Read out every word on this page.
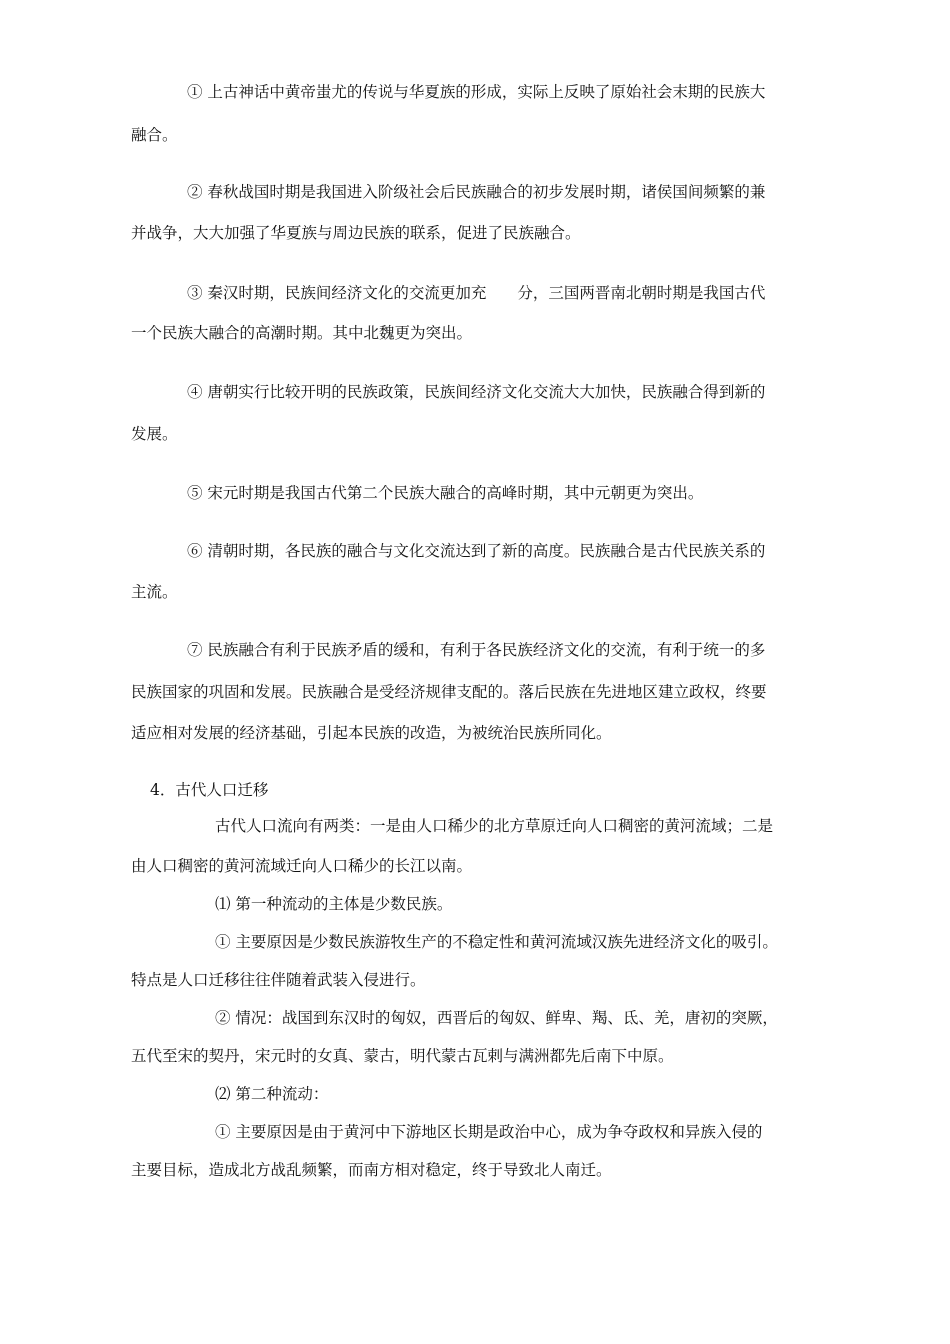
① 上古神话中黄帝蚩尤的传说与华夏族的形成，实际上反映了原始社会末期的民族大

融合。

② 春秋战国时期是我国进入阶级社会后民族融合的初步发展时期，诸侯国间频繁的兼

并战争，大大加强了华夏族与周边民族的联系，促进了民族融合。

③ 秦汉时期，民族间经济文化的交流更加充　　分，三国两晋南北朝时期是我国古代

一个民族大融合的高潮时期。其中北魏更为突出。

④ 唐朝实行比较开明的民族政策，民族间经济文化交流大大加快，民族融合得到新的

发展。

⑤ 宋元时期是我国古代第二个民族大融合的高峰时期，其中元朝更为突出。

⑥ 清朝时期，各民族的融合与文化交流达到了新的高度。民族融合是古代民族关系的

主流。

⑦ 民族融合有利于民族矛盾的缓和，有利于各民族经济文化的交流，有利于统一的多

民族国家的巩固和发展。民族融合是受经济规律支配的。落后民族在先进地区建立政权，终要

适应相对发展的经济基础，引起本民族的改造，为被统治民族所同化。

4．古代人口迁移

古代人口流向有两类：一是由人口稀少的北方草原迁向人口稠密的黄河流域；二是

由人口稠密的黄河流域迁向人口稀少的长江以南。

⑴ 第一种流动的主体是少数民族。

① 主要原因是少数民族游牧生产的不稳定性和黄河流域汉族先进经济文化的吸引。

特点是人口迁移往往伴随着武装入侵进行。

② 情况：战国到东汉时的匈奴，西晋后的匈奴、鲜卑、羯、氐、羌，唐初的突厥，

五代至宋的契丹，宋元时的女真、蒙古，明代蒙古瓦剌与满洲都先后南下中原。

⑵ 第二种流动：

① 主要原因是由于黄河中下游地区长期是政治中心，成为争夺政权和异族入侵的

主要目标，造成北方战乱频繁，而南方相对稳定，终于导致北人南迁。
